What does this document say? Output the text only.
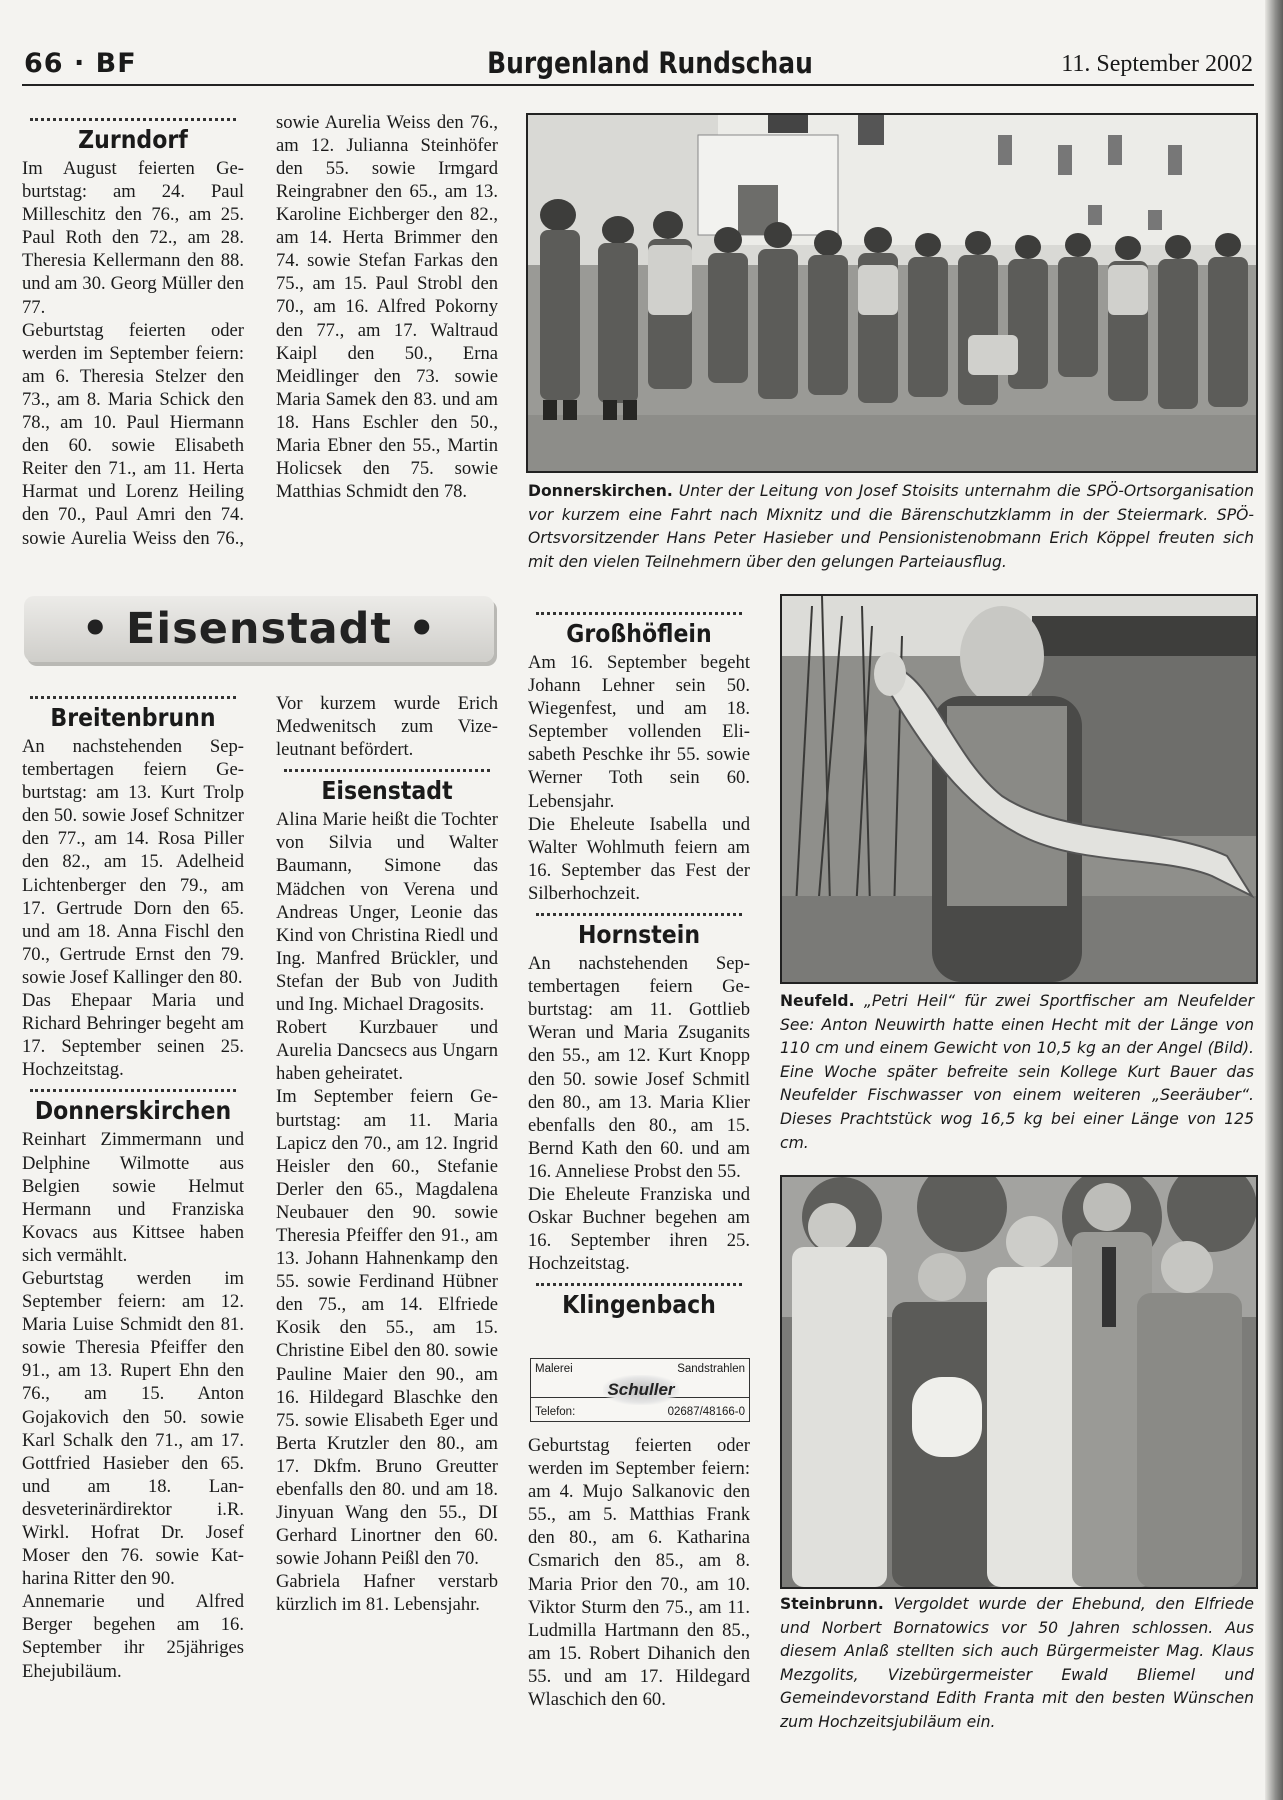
66 · BF	Burgenland Rundschau	11. September 2002
Zurndorf

Im August feierten Geburtstag: am 24. Paul Milleschitz den 76., am 25. Paul Roth den 72., am 28. Theresia Kellermann den 88. und am 30. Georg Müller den 77.

Geburtstag feierten oder werden im September feiern: am 6. Theresia Stelzer den 73., am 8. Maria Schick den 78., am 10. Paul Hiermann den 60. sowie Elisabeth Reiter den 71., am 11. Herta Harmat und Lorenz Heiling den 70., Paul Amri den 74. sowie Aurelia Weiss den 76.,

sowie Aurelia Weiss den 76., am 12. Julianna Steinhöfer den 55. sowie Irmgard Reingrabner den 65., am 13. Karoline Eichberger den 82., am 14. Herta Brimmer den 74. sowie Stefan Farkas den 75., am 15. Paul Strobl den 70., am 16. Alfred Pokorny den 77., am 17. Waltraud Kaipl den 50., Erna Meidlinger den 73. sowie Maria Samek den 83. und am 18. Hans Eschler den 50., Maria Ebner den 55., Martin Holicsek den 75. sowie Matthias Schmidt den 78.

• Eisenstadt •
Breitenbrunn

An nachstehenden Septembertagen feiern Geburtstag: am 13. Kurt Trolp den 50. sowie Josef Schnitzer den 77., am 14. Rosa Piller den 82., am 15. Adelheid Lichtenberger den 79., am 17. Gertrude Dorn den 65. und am 18. Anna Fischl den 70., Gertrude Ernst den 79. sowie Josef Kallinger den 80.

Das Ehepaar Maria und Richard Behringer begeht am 17. September seinen 25. Hochzeitstag.

Donnerskirchen

Reinhart Zimmermann und Delphine Wilmotte aus Belgien sowie Helmut Hermann und Franziska Kovacs aus Kittsee haben sich vermählt.

Geburtstag werden im September feiern: am 12. Maria Luise Schmidt den 81. sowie Theresia Pfeiffer den 91., am 13. Rupert Ehn den 76., am 15. Anton Gojakovich den 50. sowie Karl Schalk den 71., am 17. Gottfried Hasieber den 65. und am 18. Landesveterinärdirektor i.R. Wirkl. Hofrat Dr. Josef Moser den 76. sowie Katharina Ritter den 90.

Annemarie und Alfred Berger begehen am 16. September ihr 25jähriges Ehejubiläum.

Vor kurzem wurde Erich Medwenitsch zum Vizeleutnant befördert.

Eisenstadt

Alina Marie heißt die Tochter von Silvia und Walter Baumann, Simone das Mädchen von Verena und Andreas Unger, Leonie das Kind von Christina Riedl und Ing. Manfred Brückler, und Stefan der Bub von Judith und Ing. Michael Dragosits.

Robert Kurzbauer und Aurelia Dancsecs aus Ungarn haben geheiratet.

Im September feiern Geburtstag: am 11. Maria Lapicz den 70., am 12. Ingrid Heisler den 60., Stefanie Derler den 65., Magdalena Neubauer den 90. sowie Theresia Pfeiffer den 91., am 13. Johann Hahnenkamp den 55. sowie Ferdinand Hübner den 75., am 14. Elfriede Kosik den 55., am 15. Christine Eibel den 80. sowie Pauline Maier den 90., am 16. Hildegard Blaschke den 75. sowie Elisabeth Eger und Berta Krutzler den 80., am 17. Dkfm. Bruno Greutter ebenfalls den 80. und am 18. Jinyuan Wang den 55., DI Gerhard Linortner den 60. sowie Johann Peißl den 70.

Gabriela Hafner verstarb kürzlich im 81. Lebensjahr.

Großhöflein

Am 16. September begeht Johann Lehner sein 50. Wiegenfest, und am 18. September vollenden Elisabeth Peschke ihr 55. sowie Werner Toth sein 60. Lebensjahr.

Die Eheleute Isabella und Walter Wohlmuth feiern am 16. September das Fest der Silberhochzeit.

Hornstein

An nachstehenden Septembertagen feiern Geburtstag: am 11. Gottlieb Weran und Maria Zsuganits den 55., am 12. Kurt Knopp den 50. sowie Josef Schmitl den 80., am 13. Maria Klier ebenfalls den 80., am 15. Bernd Kath den 60. und am 16. Anneliese Probst den 55.

Die Eheleute Franziska und Oskar Buchner begehen am 16. September ihren 25. Hochzeitstag.

Klingenbach
Malerei	Sandstrahlen
Schuller
Telefon:	02687/48166-0

Geburtstag feierten oder werden im September feiern: am 4. Mujo Salkanovic den 55., am 5. Matthias Frank den 80., am 6. Katharina Csmarich den 85., am 8. Maria Prior den 70., am 10. Viktor Sturm den 75., am 11. Ludmilla Hartmann den 85., am 15. Robert Dihanich den 55. und am 17. Hildegard Wlaschich den 60.

Donnerskirchen. Unter der Leitung von Josef Stoisits unternahm die SPÖ-Ortsorganisation vor kurzem eine Fahrt nach Mixnitz und die Bärenschutzklamm in der Steiermark. SPÖ-Ortsvorsitzender Hans Peter Hasieber und Pensionistenobmann Erich Köppel freuten sich mit den vielen Teilnehmern über den gelungen Parteiausflug.
Neufeld. „Petri Heil“ für zwei Sportfischer am Neufelder See: Anton Neuwirth hatte einen Hecht mit der Länge von 110 cm und einem Gewicht von 10,5 kg an der Angel (Bild). Eine Woche später befreite sein Kollege Kurt Bauer das Neufelder Fischwasser von einem weiteren „Seeräuber“. Dieses Prachtstück wog 16,5 kg bei einer Länge von 125 cm.
Steinbrunn. Vergoldet wurde der Ehebund, den Elfriede und Norbert Bornatowics vor 50 Jahren schlossen. Aus diesem Anlaß stellten sich auch Bürgermeister Mag. Klaus Mezgolits, Vizebürgermeister Ewald Bliemel und Gemeindevorstand Edith Franta mit den besten Wünschen zum Hochzeitsjubiläum ein.
